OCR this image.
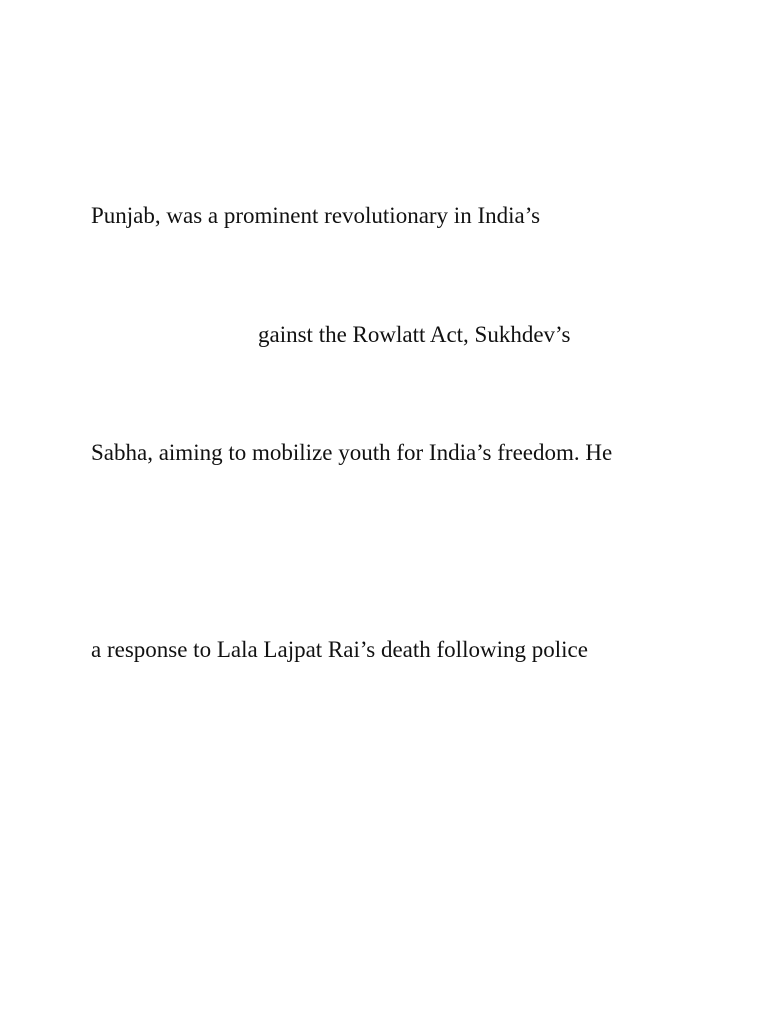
Punjab, was a prominent revolutionary in India’s

gainst the Rowlatt Act, Sukhdev’s

Sabha, aiming to mobilize youth for India’s freedom. He

a response to Lala Lajpat Rai’s death following police
